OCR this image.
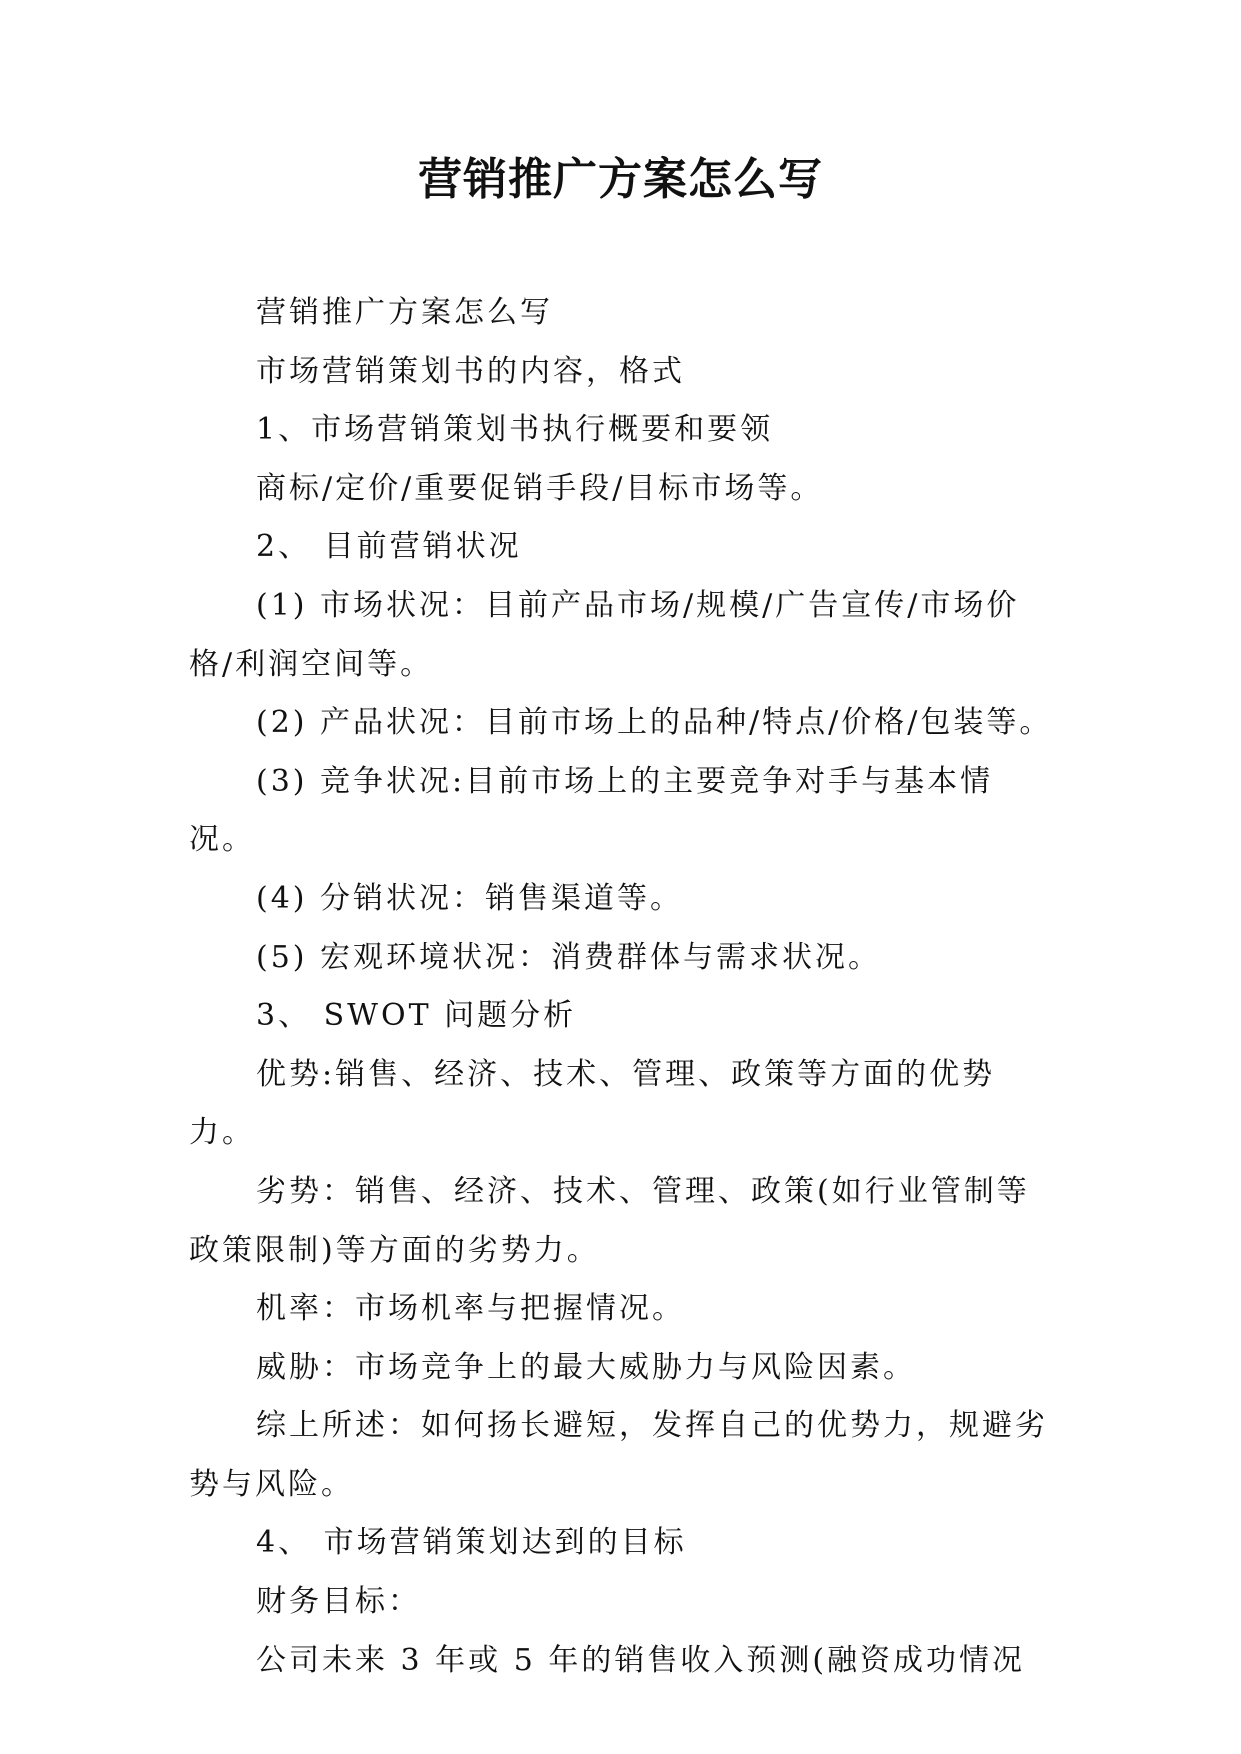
营销推广方案怎么写

营销推广方案怎么写

市场营销策划书的内容，格式

1、市场营销策划书执行概要和要领

商标/定价/重要促销手段/目标市场等。

2、 目前营销状况

(1) 市场状况：目前产品市场/规模/广告宣传/市场价格/利润空间等。

(2) 产品状况：目前市场上的品种/特点/价格/包装等。

(3) 竞争状况:目前市场上的主要竞争对手与基本情况。

(4) 分销状况：销售渠道等。

(5) 宏观环境状况：消费群体与需求状况。

3、 SWOT 问题分析

优势:销售、经济、技术、管理、政策等方面的优势力。

劣势：销售、经济、技术、管理、政策(如行业管制等政策限制)等方面的劣势力。

机率：市场机率与把握情况。

威胁：市场竞争上的最大威胁力与风险因素。

综上所述：如何扬长避短，发挥自己的优势力，规避劣势与风险。

4、 市场营销策划达到的目标

财务目标：

公司未来 3 年或 5 年的销售收入预测(融资成功情况
